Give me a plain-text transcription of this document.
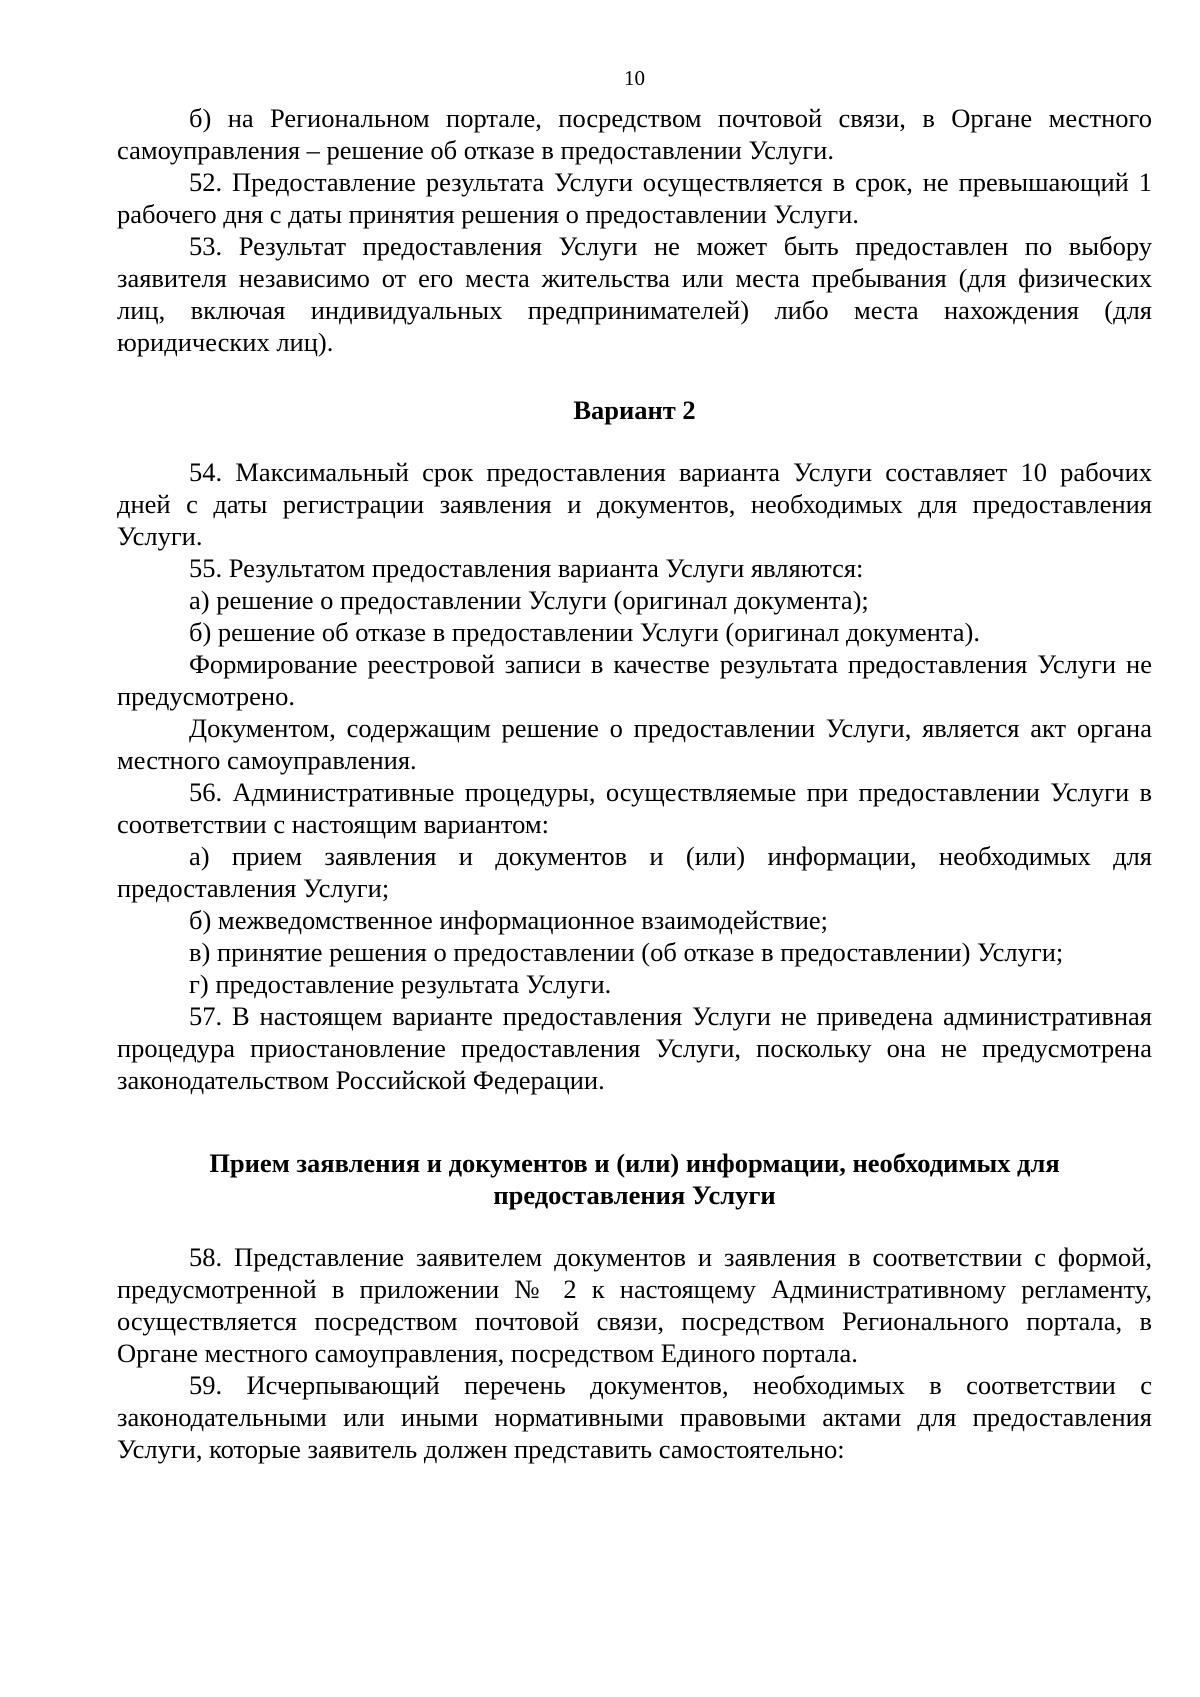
10

б) на Региональном портале, посредством почтовой связи, в Органе местного самоуправления – решение об отказе в предоставлении Услуги.

52. Предоставление результата Услуги осуществляется в срок, не превышающий 1 рабочего дня с даты принятия решения о предоставлении Услуги.

53. Результат предоставления Услуги не может быть предоставлен по выбору заявителя независимо от его места жительства или места пребывания (для физических лиц, включая индивидуальных предпринимателей) либо места нахождения (для юридических лиц).

Вариант 2

54. Максимальный срок предоставления варианта Услуги составляет 10 рабочих дней с даты регистрации заявления и документов, необходимых для предоставления Услуги.

55. Результатом предоставления варианта Услуги являются:

а) решение о предоставлении Услуги (оригинал документа);

б) решение об отказе в предоставлении Услуги (оригинал документа).

Формирование реестровой записи в качестве результата предоставления Услуги не предусмотрено.

Документом, содержащим решение о предоставлении Услуги, является акт органа местного самоуправления.

56. Административные процедуры, осуществляемые при предоставлении Услуги в соответствии с настоящим вариантом:

а) прием заявления и документов и (или) информации, необходимых для предоставления Услуги;

б) межведомственное информационное взаимодействие;

в) принятие решения о предоставлении (об отказе в предоставлении) Услуги;

г) предоставление результата Услуги.

57. В настоящем варианте предоставления Услуги не приведена административная процедура приостановление предоставления Услуги, поскольку она не предусмотрена законодательством Российской Федерации.

Прием заявления и документов и (или) информации, необходимых для предоставления Услуги

58. Представление заявителем документов и заявления в соответствии с формой, предусмотренной в приложении № 2 к настоящему Административному регламенту, осуществляется посредством почтовой связи, посредством Регионального портала, в Органе местного самоуправления, посредством Единого портала.

59. Исчерпывающий перечень документов, необходимых в соответствии с законодательными или иными нормативными правовыми актами для предоставления Услуги, которые заявитель должен представить самостоятельно:
